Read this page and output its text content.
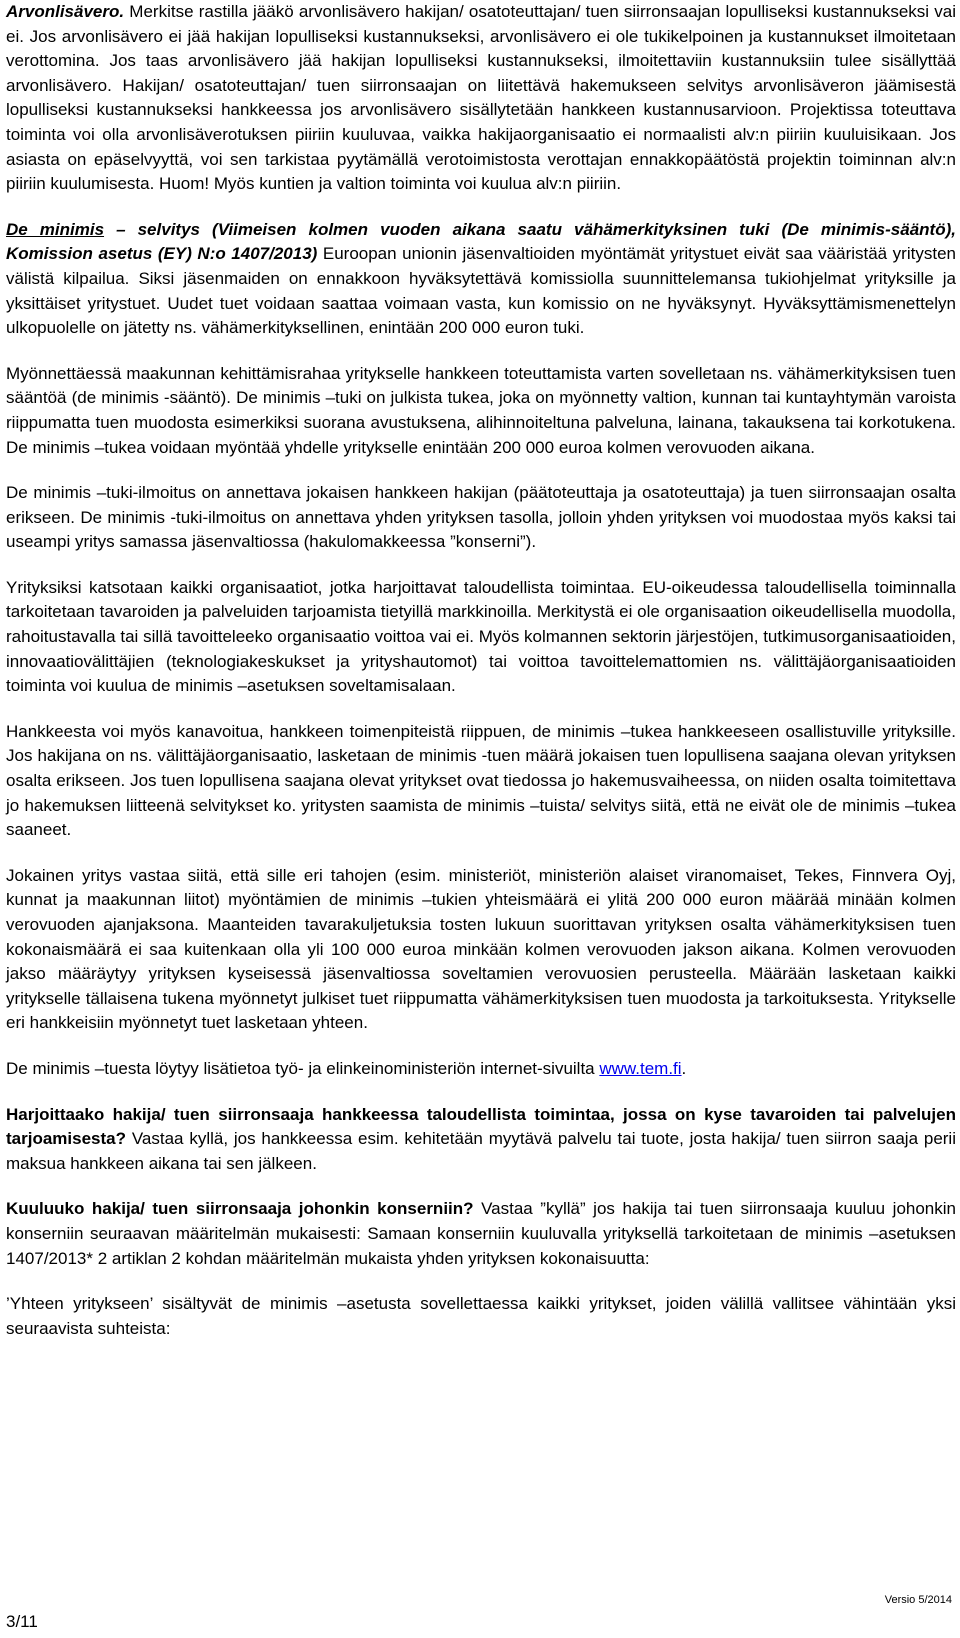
Arvonlisävero. Merkitse rastilla jääkö arvonlisävero hakijan/ osatoteuttajan/ tuen siirronsaajan lopulliseksi kustannukseksi vai ei. Jos arvonlisävero ei jää hakijan lopulliseksi kustannukseksi, arvonlisävero ei ole tukikelpoinen ja kustannukset ilmoitetaan verottomina. Jos taas arvonlisävero jää hakijan lopulliseksi kustannukseksi, ilmoitettaviin kustannuksiin tulee sisällyttää arvonlisävero. Hakijan/ osatoteuttajan/ tuen siirronsaajan on liitettävä hakemukseen selvitys arvonlisäveron jäämisestä lopulliseksi kustannukseksi hankkeessa jos arvonlisävero sisällytetään hankkeen kustannusarvioon. Projektissa toteuttava toiminta voi olla arvonlisäverotuksen piiriin kuuluvaa, vaikka hakijaorganisaatio ei normaalisti alv:n piiriin kuuluisikaan. Jos asiasta on epäselvyyttä, voi sen tarkistaa pyytämällä verotoimistosta verottajan ennakkopäätöstä projektin toiminnan alv:n piiriin kuulumisesta. Huom! Myös kuntien ja valtion toiminta voi kuulua alv:n piiriin.

De minimis – selvitys (Viimeisen kolmen vuoden aikana saatu vähämerkityksinen tuki (De minimis-sääntö), Komission asetus (EY) N:o 1407/2013) Euroopan unionin jäsenvaltioiden myöntämät yritystuet eivät saa vääristää yritysten välistä kilpailua. Siksi jäsenmaiden on ennakkoon hyväksytettävä komissiolla suunnittelemansa tukiohjelmat yrityksille ja yksittäiset yritystuet. Uudet tuet voidaan saattaa voimaan vasta, kun komissio on ne hyväksynyt. Hyväksyttämismenettelyn ulkopuolelle on jätetty ns. vähämerkityksellinen, enintään 200 000 euron tuki.

Myönnettäessä maakunnan kehittämisrahaa yritykselle hankkeen toteuttamista varten sovelletaan ns. vähämerkityksisen tuen sääntöä (de minimis -sääntö). De minimis –tuki on julkista tukea, joka on myönnetty valtion, kunnan tai kuntayhtymän varoista riippumatta tuen muodosta esimerkiksi suorana avustuksena, alihinnoiteltuna palveluna, lainana, takauksena tai korkotukena. De minimis –tukea voidaan myöntää yhdelle yritykselle enintään 200 000 euroa kolmen verovuoden aikana.

De minimis –tuki-ilmoitus on annettava jokaisen hankkeen hakijan (päätoteuttaja ja osatoteuttaja) ja tuen siirronsaajan osalta erikseen. De minimis -tuki-ilmoitus on annettava yhden yrityksen tasolla, jolloin yhden yrityksen voi muodostaa myös kaksi tai useampi yritys samassa jäsenvaltiossa (hakulomakkeessa ”konserni”).

Yrityksiksi katsotaan kaikki organisaatiot, jotka harjoittavat taloudellista toimintaa. EU-oikeudessa taloudellisella toiminnalla tarkoitetaan tavaroiden ja palveluiden tarjoamista tietyillä markkinoilla. Merkitystä ei ole organisaation oikeudellisella muodolla, rahoitustavalla tai sillä tavoitteleeko organisaatio voittoa vai ei. Myös kolmannen sektorin järjestöjen, tutkimusorganisaatioiden, innovaatiovälittäjien (teknologiakeskukset ja yrityshautomot) tai voittoa tavoittelemattomien ns. välittäjäorganisaatioiden toiminta voi kuulua de minimis –asetuksen soveltamisalaan.

Hankkeesta voi myös kanavoitua, hankkeen toimenpiteistä riippuen, de minimis –tukea hankkeeseen osallistuville yrityksille. Jos hakijana on ns. välittäjäorganisaatio, lasketaan de minimis -tuen määrä jokaisen tuen lopullisena saajana olevan yrityksen osalta erikseen. Jos tuen lopullisena saajana olevat yritykset ovat tiedossa jo hakemusvaiheessa, on niiden osalta toimitettava jo hakemuksen liitteenä selvitykset ko. yritysten saamista de minimis –tuista/ selvitys siitä, että ne eivät ole de minimis –tukea saaneet.

Jokainen yritys vastaa siitä, että sille eri tahojen (esim. ministeriöt, ministeriön alaiset viranomaiset, Tekes, Finnvera Oyj, kunnat ja maakunnan liitot) myöntämien de minimis –tukien yhteismäärä ei ylitä 200 000 euron määrää minään kolmen verovuoden ajanjaksona. Maanteiden tavarakuljetuksia tosten lukuun suorittavan yrityksen osalta vähämerkityksisen tuen kokonaismäärä ei saa kuitenkaan olla yli 100 000 euroa minkään kolmen verovuoden jakson aikana. Kolmen verovuoden jakso määräytyy yrityksen kyseisessä jäsenvaltiossa soveltamien verovuosien perusteella. Määrään lasketaan kaikki yritykselle tällaisena tukena myönnetyt julkiset tuet riippumatta vähämerkityksisen tuen muodosta ja tarkoituksesta. Yritykselle eri hankkeisiin myönnetyt tuet lasketaan yhteen.

De minimis –tuesta löytyy lisätietoa työ- ja elinkeinoministeriön internet-sivuilta www.tem.fi.

Harjoittaako hakija/ tuen siirronsaaja hankkeessa taloudellista toimintaa, jossa on kyse tavaroiden tai palvelujen tarjoamisesta? Vastaa kyllä, jos hankkeessa esim. kehitetään myytävä palvelu tai tuote, josta hakija/ tuen siirron saaja perii maksua hankkeen aikana tai sen jälkeen.

Kuuluuko hakija/ tuen siirronsaaja johonkin konserniin? Vastaa ”kyllä” jos hakija tai tuen siirronsaaja kuuluu johonkin konserniin seuraavan määritelmän mukaisesti: Samaan konserniin kuuluvalla yrityksellä tarkoitetaan de minimis –asetuksen 1407/2013* 2 artiklan 2 kohdan määritelmän mukaista yhden yrityksen kokonaisuutta:

’Yhteen yritykseen’ sisältyvät de minimis –asetusta sovellettaessa kaikki yritykset, joiden välillä vallitsee vähintään yksi seuraavista suhteista:

Versio 5/2014
3/11
